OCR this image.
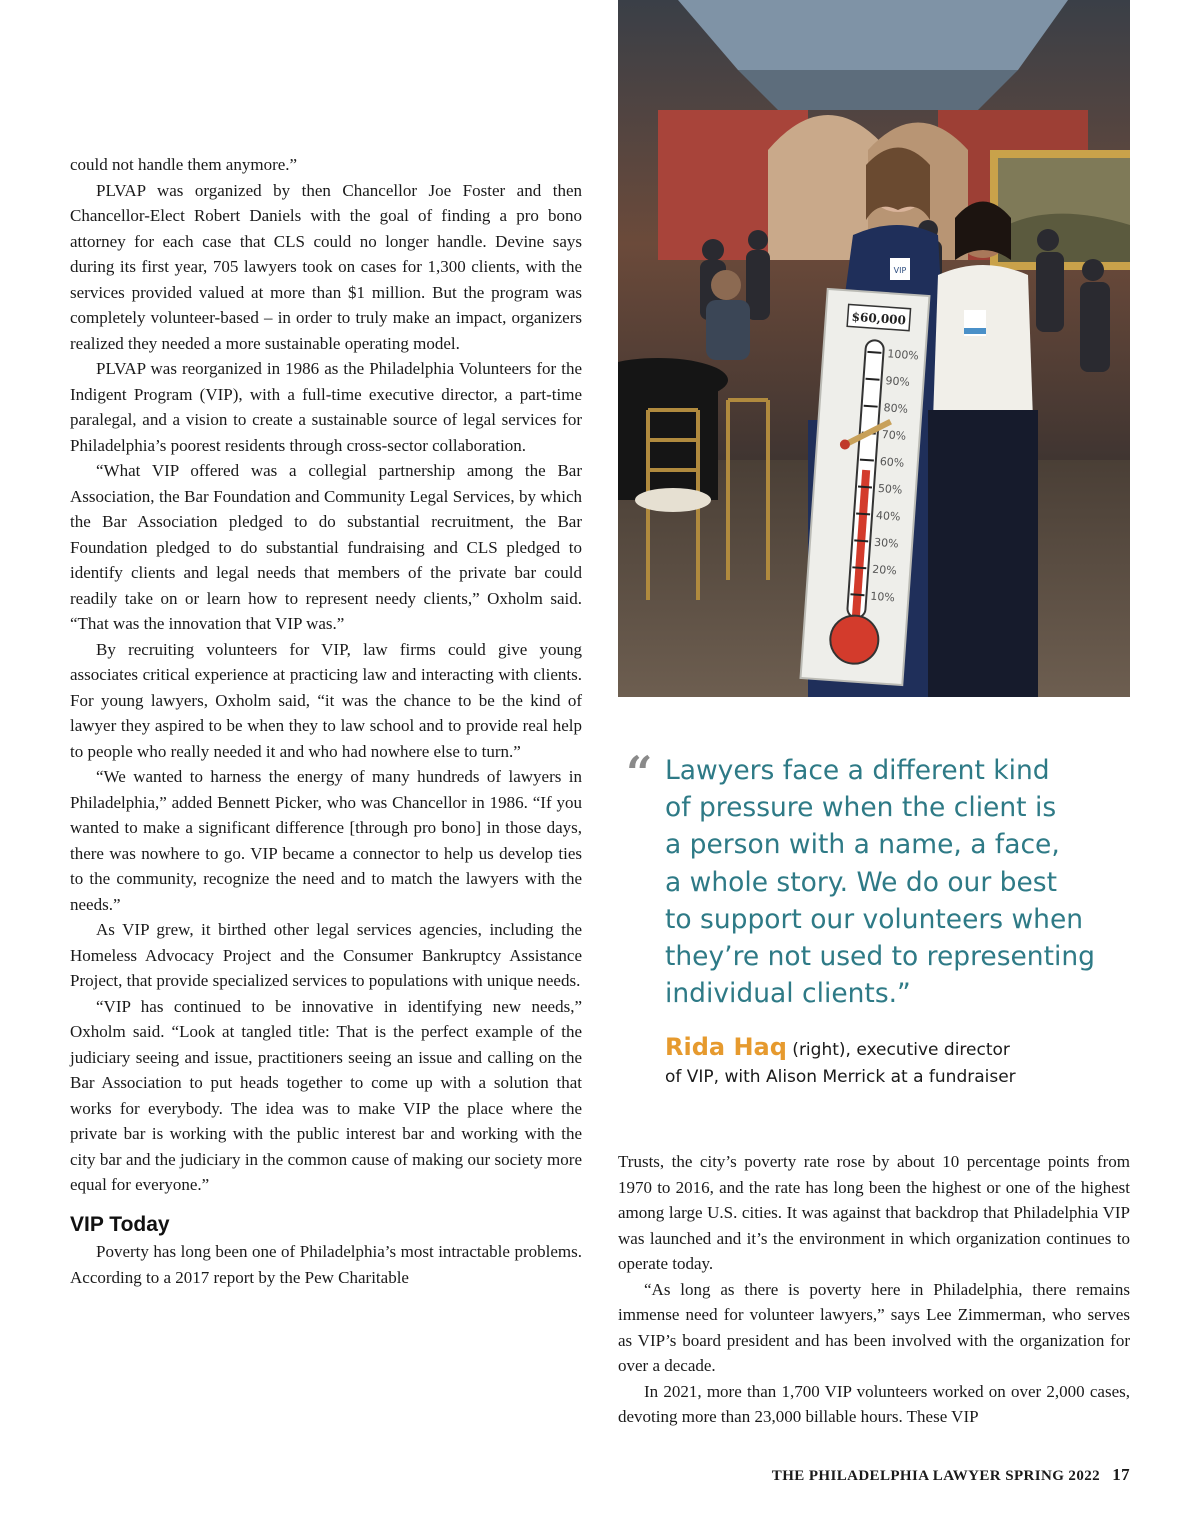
could not handle them anymore.”

PLVAP was organized by then Chancellor Joe Foster and then Chancellor-Elect Robert Daniels with the goal of finding a pro bono attorney for each case that CLS could no longer handle. Devine says during its first year, 705 lawyers took on cases for 1,300 clients, with the services provided valued at more than $1 million. But the program was completely volunteer-based – in order to truly make an impact, organizers realized they needed a more sustainable operating model.

PLVAP was reorganized in 1986 as the Philadelphia Volunteers for the Indigent Program (VIP), with a full-time executive director, a part-time paralegal, and a vision to create a sustainable source of legal services for Philadelphia’s poorest residents through cross-sector collaboration.

“What VIP offered was a collegial partnership among the Bar Association, the Bar Foundation and Community Legal Services, by which the Bar Association pledged to do substantial recruitment, the Bar Foundation pledged to do substantial fundraising and CLS pledged to identify clients and legal needs that members of the private bar could readily take on or learn how to represent needy clients,” Oxholm said. “That was the innovation that VIP was.”

By recruiting volunteers for VIP, law firms could give young associates critical experience at practicing law and interacting with clients. For young lawyers, Oxholm said, “it was the chance to be the kind of lawyer they aspired to be when they to law school and to provide real help to people who really needed it and who had nowhere else to turn.”

“We wanted to harness the energy of many hundreds of lawyers in Philadelphia,” added Bennett Picker, who was Chancellor in 1986. “If you wanted to make a significant difference [through pro bono] in those days, there was nowhere to go. VIP became a connector to help us develop ties to the community, recognize the need and to match the lawyers with the needs.”

As VIP grew, it birthed other legal services agencies, including the Homeless Advocacy Project and the Consumer Bankruptcy Assistance Project, that provide specialized services to populations with unique needs.

“VIP has continued to be innovative in identifying new needs,” Oxholm said. “Look at tangled title: That is the perfect example of the judiciary seeing and issue, practitioners seeing an issue and calling on the Bar Association to put heads together to come up with a solution that works for everybody. The idea was to make VIP the place where the private bar is working with the public interest bar and working with the city bar and the judiciary in the common cause of making our society more equal for everyone.”

VIP Today

Poverty has long been one of Philadelphia’s most intractable problems. According to a 2017 report by the Pew Charitable

VIP
$60,000
100%
90%
80%
70%
60%
50%
40%
30%
20%
10%
“ Lawyers face a different kind
of pressure when the client is
a person with a name, a face,
a whole story. We do our best
to support our volunteers when
they’re not used to representing
individual clients.”
Rida Haq (right), executive director
of VIP, with Alison Merrick at a fundraiser

Trusts, the city’s poverty rate rose by about 10 percentage points from 1970 to 2016, and the rate has long been the highest or one of the highest among large U.S. cities. It was against that backdrop that Philadelphia VIP was launched and it’s the environment in which organization continues to operate today.

“As long as there is poverty here in Philadelphia, there remains immense need for volunteer lawyers,” says Lee Zimmerman, who serves as VIP’s board president and has been involved with the organization for over a decade.

In 2021, more than 1,700 VIP volunteers worked on over 2,000 cases, devoting more than 23,000 billable hours. These VIP

THE PHILADELPHIA LAWYER SPRING 2022 17
